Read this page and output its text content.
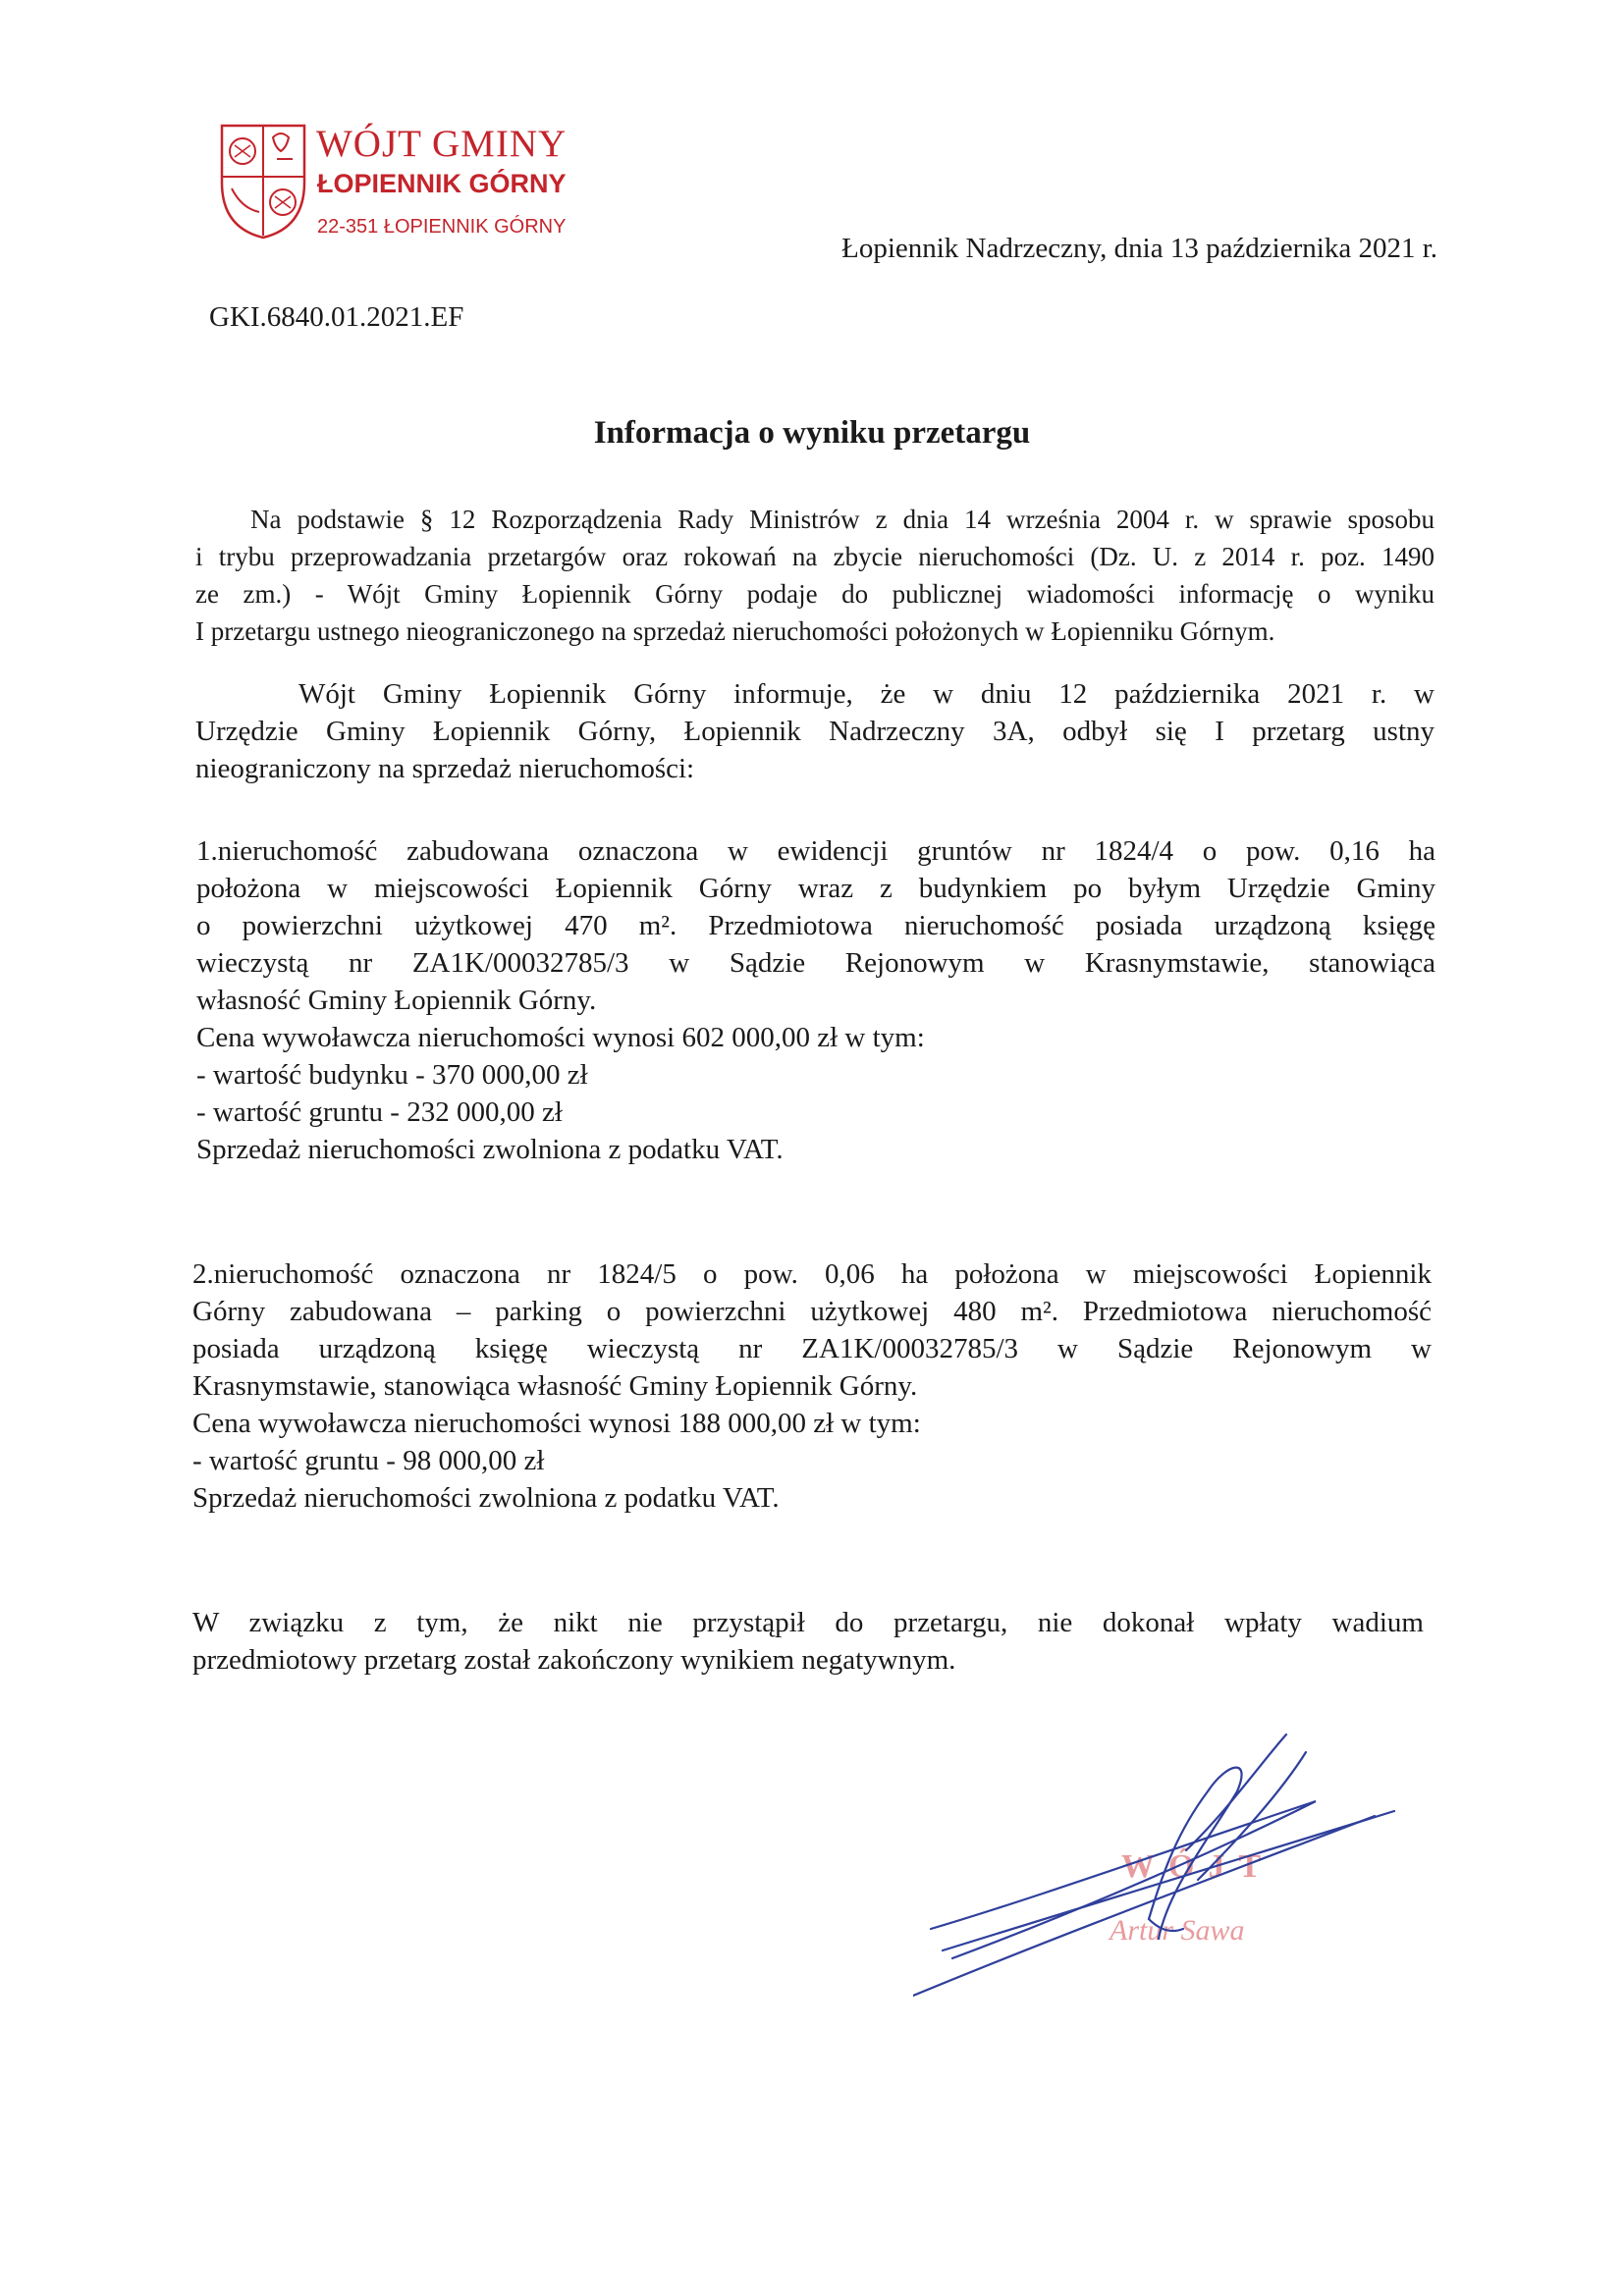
WÓJT GMINY
ŁOPIENNIK GÓRNY
22-351 ŁOPIENNIK GÓRNY
Łopiennik Nadrzeczny, dnia 13 października 2021 r.
GKI.6840.01.2021.EF
Informacja o wyniku przetargu
Na podstawie § 12 Rozporządzenia Rady Ministrów z dnia 14 września 2004 r. w sprawie sposobu
i trybu przeprowadzania przetargów oraz rokowań na zbycie nieruchomości (Dz. U. z 2014 r. poz. 1490
ze zm.) - Wójt Gminy Łopiennik Górny podaje do publicznej wiadomości informację o wyniku
I przetargu ustnego nieograniczonego na sprzedaż nieruchomości położonych w Łopienniku Górnym.
Wójt Gminy Łopiennik Górny informuje, że w dniu 12 października 2021 r. w
Urzędzie Gminy Łopiennik Górny, Łopiennik Nadrzeczny 3A, odbył się I przetarg ustny
nieograniczony na sprzedaż nieruchomości:
1.nieruchomość zabudowana oznaczona w ewidencji gruntów nr 1824/4 o pow. 0,16 ha
położona w miejscowości Łopiennik Górny wraz z budynkiem po byłym Urzędzie Gminy
o powierzchni użytkowej 470 m². Przedmiotowa nieruchomość posiada urządzoną księgę
wieczystą nr ZA1K/00032785/3 w Sądzie Rejonowym w Krasnymstawie, stanowiąca
własność Gminy Łopiennik Górny.
Cena wywoławcza nieruchomości wynosi 602 000,00 zł w tym:
- wartość budynku - 370 000,00 zł
- wartość gruntu - 232 000,00 zł
Sprzedaż nieruchomości zwolniona z podatku VAT.
2.nieruchomość oznaczona nr 1824/5 o pow. 0,06 ha położona w miejscowości Łopiennik
Górny zabudowana – parking o powierzchni użytkowej 480 m². Przedmiotowa nieruchomość
posiada urządzoną księgę wieczystą nr ZA1K/00032785/3 w Sądzie Rejonowym w
Krasnymstawie, stanowiąca własność Gminy Łopiennik Górny.
Cena wywoławcza nieruchomości wynosi 188 000,00 zł w tym:
- wartość gruntu - 98 000,00 zł
Sprzedaż nieruchomości zwolniona z podatku VAT.
W związku z tym, że nikt nie przystąpił do przetargu, nie dokonał wpłaty wadium
przedmiotowy przetarg został zakończony wynikiem negatywnym.
WÓJT
Artur Sawa
